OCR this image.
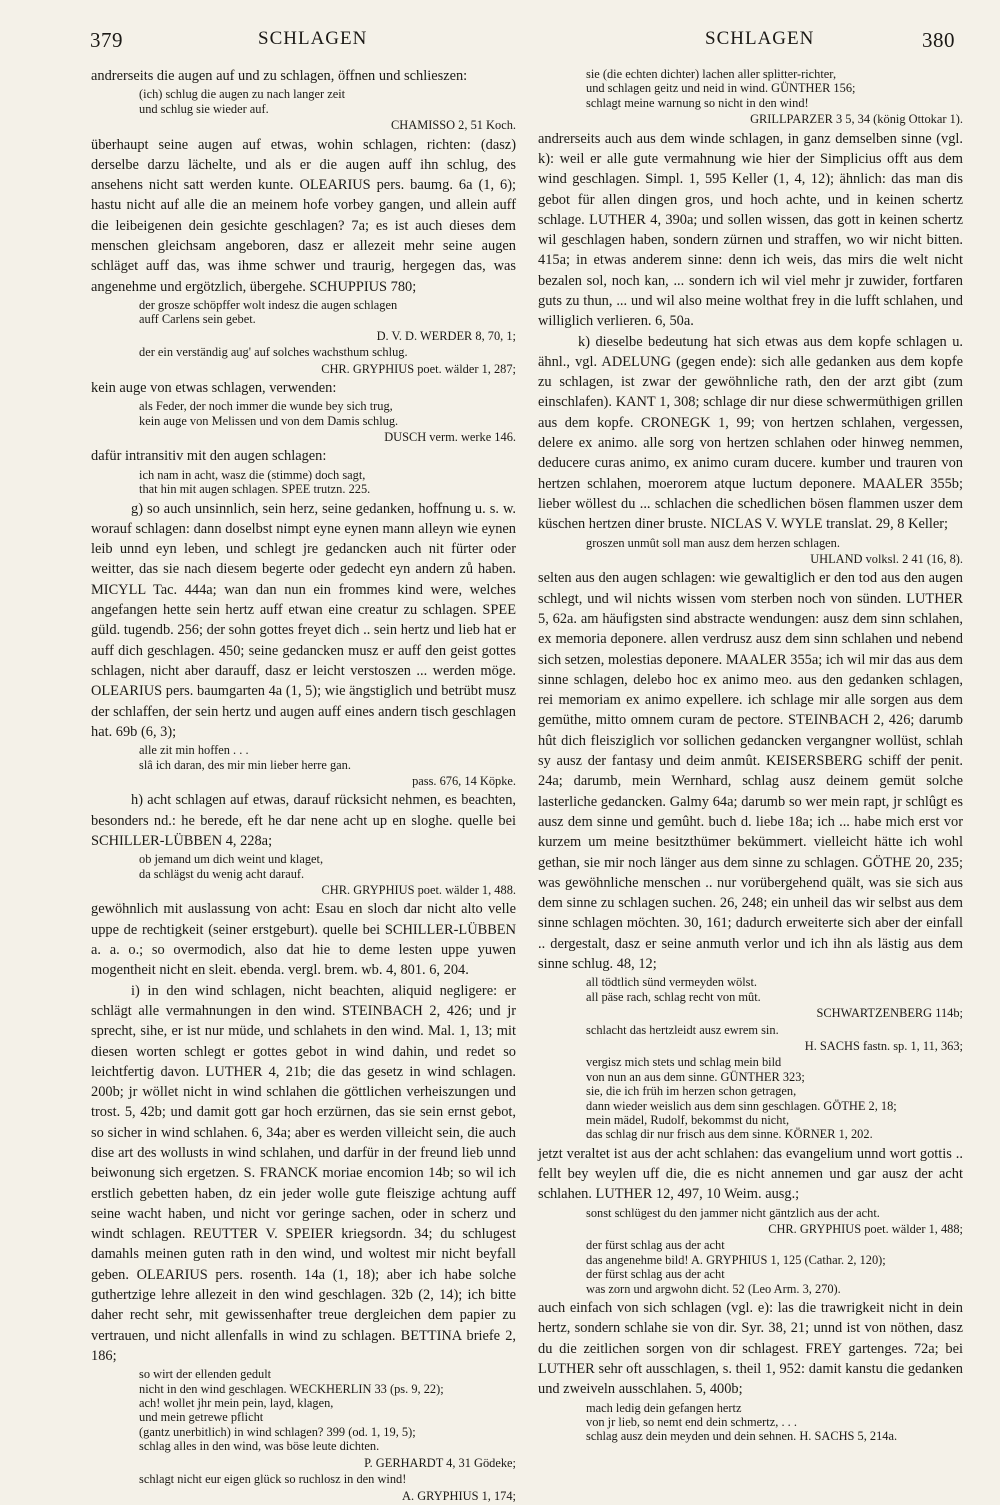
379	SCHLAGEN	SCHLAGEN	380

andrerseits die augen auf und zu schlagen, öffnen und schlieszen:

(ich) schlug die augen zu nach langer zeit
und schlug sie wieder auf.

CHAMISSO 2, 51 Koch.

überhaupt seine augen auf etwas, wohin schlagen, richten: (dasz) derselbe darzu lächelte, und als er die augen auff ihn schlug, des ansehens nicht satt werden kunte. OLEARIUS pers. baumg. 6a (1, 6); hastu nicht auf alle die an meinem hofe vorbey gangen, und allein auff die leibeigenen dein gesichte geschlagen? 7a; es ist auch dieses dem menschen gleichsam angeboren, dasz er allezeit mehr seine augen schläget auff das, was ihme schwer und traurig, hergegen das, was angenehme und ergötzlich, übergehe. SCHUPPIUS 780;

der grosze schöpffer wolt indesz die augen schlagen
auff Carlens sein gebet.

D. V. D. WERDER 8, 70, 1;

der ein verständig aug' auf solches wachsthum schlug.

CHR. GRYPHIUS poet. wälder 1, 287;

kein auge von etwas schlagen, verwenden:

als Feder, der noch immer die wunde bey sich trug,
kein auge von Melissen und von dem Damis schlug.

DUSCH verm. werke 146.

dafür intransitiv mit den augen schlagen:

ich nam in acht, wasz die (stimme) doch sagt,
that hin mit augen schlagen. SPEE trutzn. 225.

g) so auch unsinnlich, sein herz, seine gedanken, hoffnung u. s. w. worauf schlagen: dann doselbst nimpt eyne eynen mann alleyn wie eynen leib unnd eyn leben, und schlegt jre gedancken auch nit fürter oder weitter, das sie nach diesem begerte oder gedecht eyn andern zů haben. MICYLL Tac. 444a; wan dan nun ein frommes kind were, welches angefangen hette sein hertz auff etwan eine creatur zu schlagen. SPEE güld. tugendb. 256; der sohn gottes freyet dich .. sein hertz und lieb hat er auff dich geschlagen. 450; seine gedancken musz er auff den geist gottes schlagen, nicht aber darauff, dasz er leicht verstoszen ... werden möge. OLEARIUS pers. baumgarten 4a (1, 5); wie ängstiglich und betrübt musz der schlaffen, der sein hertz und augen auff eines andern tisch geschlagen hat. 69b (6, 3);

alle zit min hoffen . . .
slâ ich daran, des mir min lieber herre gan.

pass. 676, 14 Köpke.

h) acht schlagen auf etwas, darauf rücksicht nehmen, es beachten, besonders nd.: he berede, eft he dar nene acht up en sloghe. quelle bei SCHILLER-LÜBBEN 4, 228a;

ob jemand um dich weint und klaget,
da schlägst du wenig acht darauf.

CHR. GRYPHIUS poet. wälder 1, 488.

gewöhnlich mit auslassung von acht: Esau en sloch dar nicht alto velle uppe de rechtigkeit (seiner erstgeburt). quelle bei SCHILLER-LÜBBEN a. a. o.; so overmodich, also dat hie to deme lesten uppe yuwen mogentheit nicht en sleit. ebenda. vergl. brem. wb. 4, 801. 6, 204.

i) in den wind schlagen, nicht beachten, aliquid negligere: er schlägt alle vermahnungen in den wind. STEINBACH 2, 426; und jr sprecht, sihe, er ist nur müde, und schlahets in den wind. Mal. 1, 13; mit diesen worten schlegt er gottes gebot in wind dahin, und redet so leichtfertig davon. LUTHER 4, 21b; die das gesetz in wind schlagen. 200b; jr wöllet nicht in wind schlahen die göttlichen verheiszungen und trost. 5, 42b; und damit gott gar hoch erzürnen, das sie sein ernst gebot, so sicher in wind schlahen. 6, 34a; aber es werden villeicht sein, die auch dise art des wollusts in wind schlahen, und darfür in der freund lieb unnd beiwonung sich ergetzen. S. FRANCK moriae encomion 14b; so wil ich erstlich gebetten haben, dz ein jeder wolle gute fleiszige achtung auff seine wacht haben, und nicht vor geringe sachen, oder in scherz und windt schlagen. REUTTER V. SPEIER kriegsordn. 34; du schlugest damahls meinen guten rath in den wind, und woltest mir nicht beyfall geben. OLEARIUS pers. rosenth. 14a (1, 18); aber ich habe solche guthertzige lehre allezeit in den wind geschlagen. 32b (2, 14); ich bitte daher recht sehr, mit gewissenhafter treue dergleichen dem papier zu vertrauen, und nicht allenfalls in wind zu schlagen. BETTINA briefe 2, 186;

so wirt der ellenden gedult
nicht in den wind geschlagen. WECKHERLIN 33 (ps. 9, 22);
ach! wollet jhr mein pein, layd, klagen,
und mein getrewe pflicht
(gantz unerbitlich) in wind schlagen? 399 (od. 1, 19, 5);
schlag alles in den wind, was böse leute dichten.

P. GERHARDT 4, 31 Gödeke;

schlagt nicht eur eigen glück so ruchlosz in den wind!

A. GRYPHIUS 1, 174;

sie (die echten dichter) lachen aller splitter-richter,
und schlagen geitz und neid in wind. GÜNTHER 156;
schlagt meine warnung so nicht in den wind!

GRILLPARZER 3 5, 34 (könig Ottokar 1).

andrerseits auch aus dem winde schlagen, in ganz demselben sinne (vgl. k): weil er alle gute vermahnung wie hier der Simplicius offt aus dem wind geschlagen. Simpl. 1, 595 Keller (1, 4, 12); ähnlich: das man dis gebot für allen dingen gros, und hoch achte, und in keinen schertz schlage. LUTHER 4, 390a; und sollen wissen, das gott in keinen schertz wil geschlagen haben, sondern zürnen und straffen, wo wir nicht bitten. 415a; in etwas anderem sinne: denn ich weis, das mirs die welt nicht bezalen sol, noch kan, ... sondern ich wil viel mehr jr zuwider, fortfaren guts zu thun, ... und wil also meine wolthat frey in die lufft schlahen, und williglich verlieren. 6, 50a.

k) dieselbe bedeutung hat sich etwas aus dem kopfe schlagen u. ähnl., vgl. ADELUNG (gegen ende): sich alle gedanken aus dem kopfe zu schlagen, ist zwar der gewöhnliche rath, den der arzt gibt (zum einschlafen). KANT 1, 308; schlage dir nur diese schwermüthigen grillen aus dem kopfe. CRONEGK 1, 99; von hertzen schlahen, vergessen, delere ex animo. alle sorg von hertzen schlahen oder hinweg nemmen, deducere curas animo, ex animo curam ducere. kumber und trauren von hertzen schlahen, moerorem atque luctum deponere. MAALER 355b; lieber wöllest du ... schlachen die schedlichen bösen flammen uszer dem küschen hertzen diner bruste. NICLAS V. WYLE translat. 29, 8 Keller;

groszen unmût soll man ausz dem herzen schlagen.

UHLAND volksl. 2 41 (16, 8).

selten aus den augen schlagen: wie gewaltiglich er den tod aus den augen schlegt, und wil nichts wissen vom sterben noch von sünden. LUTHER 5, 62a. am häufigsten sind abstracte wendungen: ausz dem sinn schlahen, ex memoria deponere. allen verdrusz ausz dem sinn schlahen und nebend sich setzen, molestias deponere. MAALER 355a; ich wil mir das aus dem sinne schlagen, delebo hoc ex animo meo. aus den gedanken schlagen, rei memoriam ex animo expellere. ich schlage mir alle sorgen aus dem gemüthe, mitto omnem curam de pectore. STEINBACH 2, 426; darumb hût dich fleisziglich vor sollichen gedancken vergangner wollüst, schlah sy ausz der fantasy und deim anmût. KEISERSBERG schiff der penit. 24a; darumb, mein Wernhard, schlag ausz deinem gemüt solche lasterliche gedancken. Galmy 64a; darumb so wer mein rapt, jr schlûgt es ausz dem sinne und gemûht. buch d. liebe 18a; ich ... habe mich erst vor kurzem um meine besitzthümer bekümmert. vielleicht hätte ich wohl gethan, sie mir noch länger aus dem sinne zu schlagen. GÖTHE 20, 235; was gewöhnliche menschen .. nur vorübergehend quält, was sie sich aus dem sinne zu schlagen suchen. 26, 248; ein unheil das wir selbst aus dem sinne schlagen möchten. 30, 161; dadurch erweiterte sich aber der einfall .. dergestalt, dasz er seine anmuth verlor und ich ihn als lästig aus dem sinne schlug. 48, 12;

all tödtlich sünd vermeyden wölst.
all päse rach, schlag recht von mût.

SCHWARTZENBERG 114b;

schlacht das hertzleidt ausz ewrem sin.

H. SACHS fastn. sp. 1, 11, 363;

vergisz mich stets und schlag mein bild
von nun an aus dem sinne. GÜNTHER 323;
sie, die ich früh im herzen schon getragen,
dann wieder weislich aus dem sinn geschlagen. GÖTHE 2, 18;
mein mädel, Rudolf, bekommst du nicht,
das schlag dir nur frisch aus dem sinne. KÖRNER 1, 202.

jetzt veraltet ist aus der acht schlahen: das evangelium unnd wort gottis .. fellt bey weylen uff die, die es nicht annemen und gar ausz der acht schlahen. LUTHER 12, 497, 10 Weim. ausg.;

sonst schlügest du den jammer nicht gäntzlich aus der acht.

CHR. GRYPHIUS poet. wälder 1, 488;

der fürst schlag aus der acht
das angenehme bild! A. GRYPHIUS 1, 125 (Cathar. 2, 120);
der fürst schlag aus der acht
was zorn und argwohn dicht. 52 (Leo Arm. 3, 270).

auch einfach von sich schlagen (vgl. e): las die trawrigkeit nicht in dein hertz, sondern schlahe sie von dir. Syr. 38, 21; unnd ist von nöthen, dasz du die zeitlichen sorgen von dir schlagest. FREY gartenges. 72a; bei LUTHER sehr oft ausschlagen, s. theil 1, 952: damit kanstu die gedanken und zweiveln ausschlahen. 5, 400b;

mach ledig dein gefangen hertz
von jr lieb, so nemt end dein schmertz, . . .
schlag ausz dein meyden und dein sehnen. H. SACHS 5, 214a.
